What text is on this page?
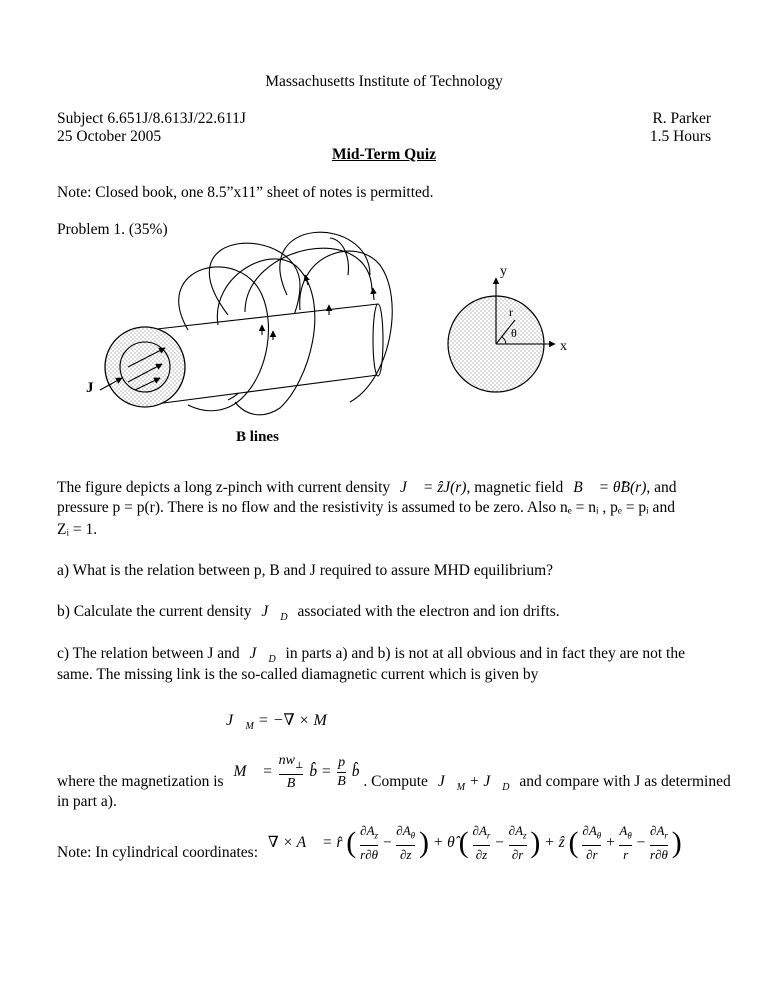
Massachusetts Institute of Technology
Subject 6.651J/8.613J/22.611J
25 October 2005
R. Parker
1.5 Hours
Mid-Term Quiz
Note: Closed book, one 8.5”x11” sheet of notes is permitted.
Problem 1. (35%)
J
B lines
y
x
r
θ
The figure depicts a long z-pinch with current density J⃗ = ẑJ(r), magnetic field B⃗ = θ̂B(r), and
pressure p = p(r). There is no flow and the resistivity is assumed to be zero. Also nₑ = nᵢ , pₑ = pᵢ and
Zᵢ = 1.
a) What is the relation between p, B and J required to assure MHD equilibrium?
b) Calculate the current density $J⃗_D$ associated with the electron and ion drifts.
c) The relation between J and $J⃗_D$ in parts a) and b) is not at all obvious and in fact they are not the
same. The missing link is the so-called diamagnetic current which is given by
$J⃗_M$ = −∇ × M⃗
where the magnetization is M⃗ = $\frac{nw_\perp}{B}$ b̂ = $\frac{p}{B}$ b̂ . Compute $J⃗_M$ + $J⃗_D$ and compare with J as determined
in part a).
Note: In cylindrical coordinates: ∇ × A⃗ = r̂ ( $\frac{\partial A_z}{r\partial\theta} - \frac{\partial A_\theta}{\partial z}$ ) + θ̂ ( $\frac{\partial A_r}{\partial z} - \frac{\partial A_z}{\partial r}$ ) + ẑ ( $\frac{\partial A_\theta}{\partial r} + \frac{A_\theta}{r} - \frac{\partial A_r}{r\partial\theta}$ )
